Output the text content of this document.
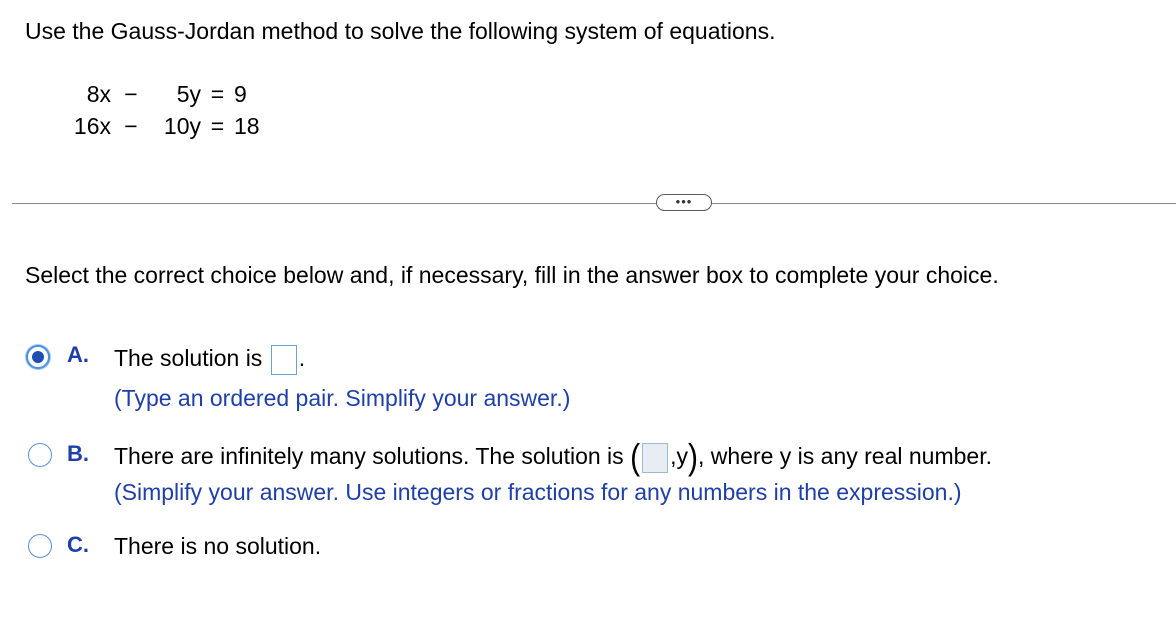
Use the Gauss-Jordan method to solve the following system of equations.
8x −	5y = 9
16x −	10y = 18
•••
Select the correct choice below and, if necessary, fill in the answer box to complete your choice.
A. The solution is .
(Type an ordered pair. Simplify your answer.)
B. There are infinitely many solutions. The solution is ( ,y), where y is any real number.
(Simplify your answer. Use integers or fractions for any numbers in the expression.)
C. There is no solution.
